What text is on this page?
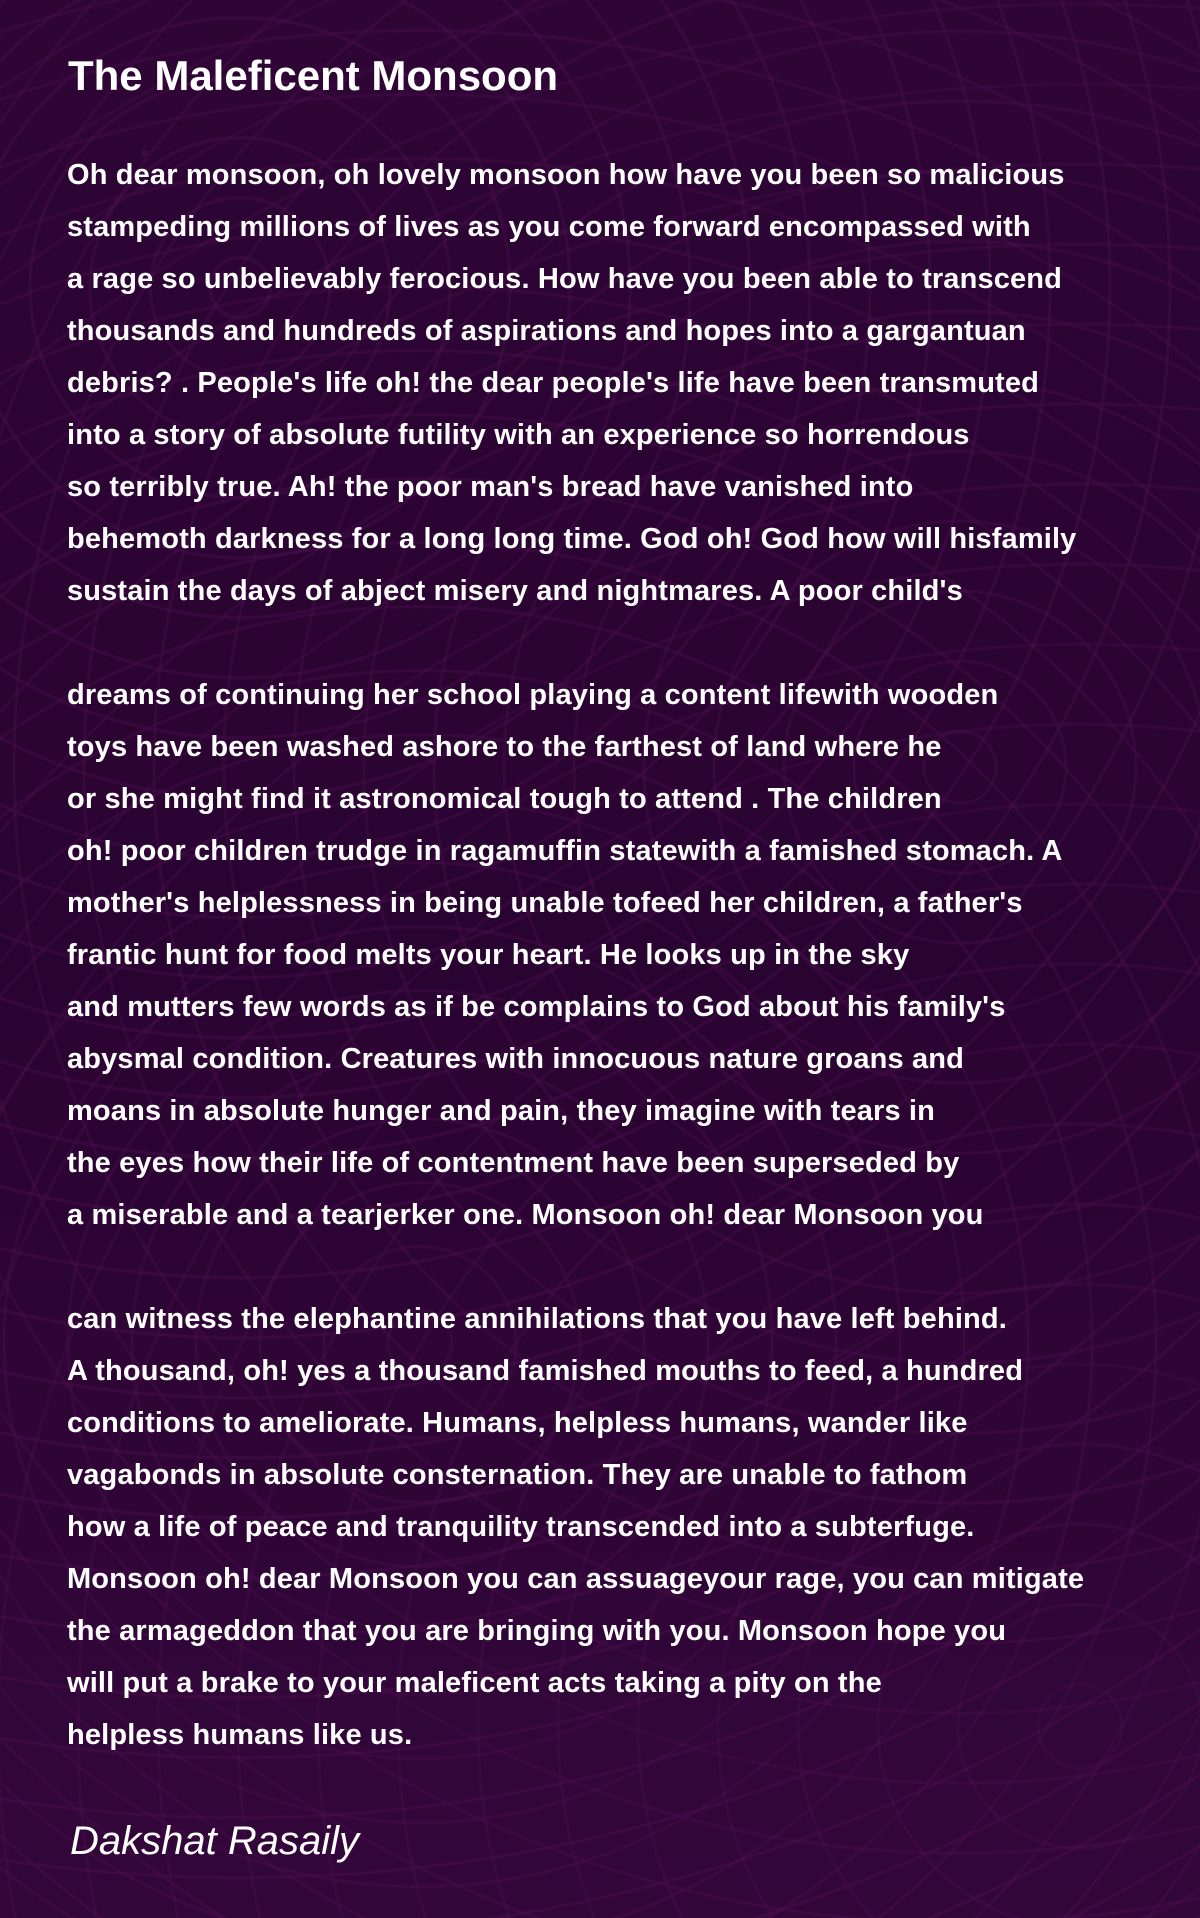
The Maleficent Monsoon
Oh dear monsoon, oh lovely monsoon how have you been so malicious
stampeding millions of lives as you come forward encompassed with
a rage so unbelievably ferocious. How have you been able to transcend
thousands and hundreds of aspirations and hopes into a gargantuan
debris? . People's life oh! the dear people's life have been transmuted
into a story of absolute futility with an experience so horrendous
so terribly true. Ah! the poor man's bread have vanished into
behemoth darkness for a long long time. God oh! God how will hisfamily
sustain the days of abject misery and nightmares. A poor child's
dreams of continuing her school playing a content lifewith wooden
toys have been washed ashore to the farthest of land where he
or she might find it astronomical tough to attend . The children
oh! poor children trudge in ragamuffin statewith a famished stomach. A
mother's helplessness in being unable tofeed her children, a father's
frantic hunt for food melts your heart. He looks up in the sky
and mutters few words as if be complains to God about his family's
abysmal condition. Creatures with innocuous nature groans and
moans in absolute hunger and pain, they imagine with tears in
the eyes how their life of contentment have been superseded by
a miserable and a tearjerker one. Monsoon oh! dear Monsoon you
can witness the elephantine annihilations that you have left behind.
A thousand, oh! yes a thousand famished mouths to feed, a hundred
conditions to ameliorate. Humans, helpless humans, wander like
vagabonds in absolute consternation. They are unable to fathom
how a life of peace and tranquility transcended into a subterfuge.
Monsoon oh! dear Monsoon you can assuageyour rage, you can mitigate
the armageddon that you are bringing with you. Monsoon hope you
will put a brake to your maleficent acts taking a pity on the
helpless humans like us.

Dakshat Rasaily
